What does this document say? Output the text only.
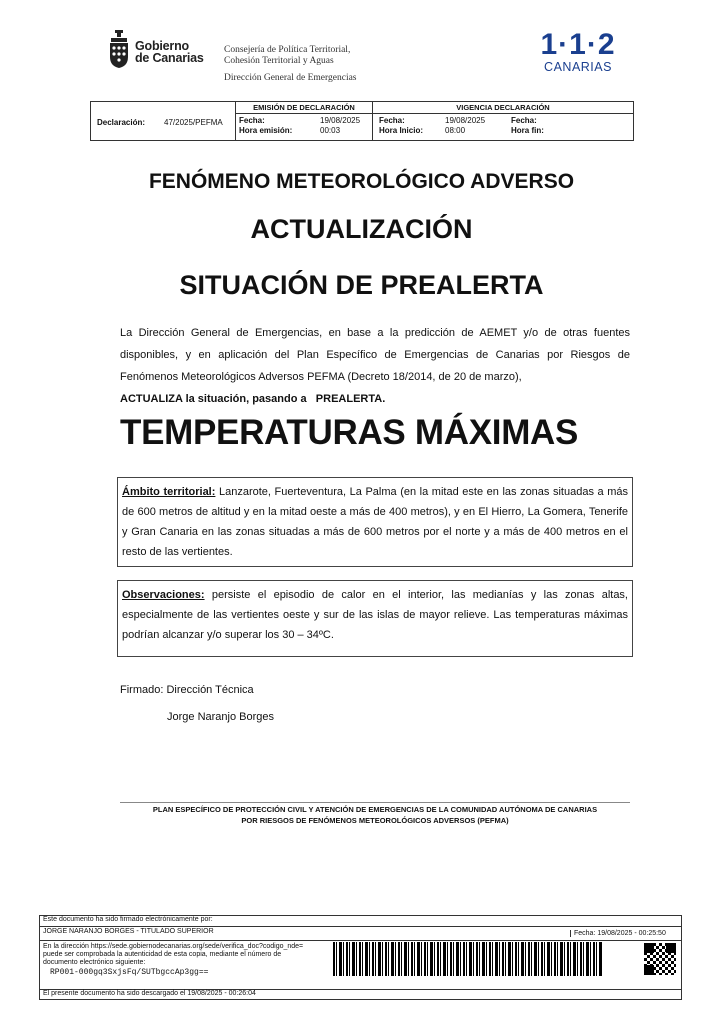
Gobierno
de Canarias
Consejería de Política Territorial,
Cohesión Territorial y Aguas
Dirección General de Emergencias
1·1·2
CANARIAS
Declaración: 47/2025/PEFMA
EMISIÓN DE DECLARACIÓN
Fecha:	19/08/2025
Hora emisión:	00:03
VIGENCIA DECLARACIÓN
Fecha:	19/08/2025
Hora Inicio:	08:00
Fecha:
Hora fin:
FENÓMENO METEOROLÓGICO ADVERSO
ACTUALIZACIÓN
SITUACIÓN DE PREALERTA
La Dirección General de Emergencias, en base a la predicción de AEMET y/o de otras fuentes disponibles, y en aplicación del Plan Específico de Emergencias de Canarias por Riesgos de Fenómenos Meteorológicos Adversos PEFMA (Decreto 18/2014, de 20 de marzo),
ACTUALIZA la situación, pasando a PREALERTA.
TEMPERATURAS MÁXIMAS
Ámbito territorial: Lanzarote, Fuerteventura, La Palma (en la mitad este en las zonas situadas a más de 600 metros de altitud y en la mitad oeste a más de 400 metros), y en El Hierro, La Gomera, Tenerife y Gran Canaria en las zonas situadas a más de 600 metros por el norte y a más de 400 metros en el resto de las vertientes.
Observaciones: persiste el episodio de calor en el interior, las medianías y las zonas altas, especialmente de las vertientes oeste y sur de las islas de mayor relieve. Las temperaturas máximas podrían alcanzar y/o superar los 30 – 34ºC.
Firmado: Dirección Técnica
Jorge Naranjo Borges
PLAN ESPECÍFICO DE PROTECCIÓN CIVIL Y ATENCIÓN DE EMERGENCIAS DE LA COMUNIDAD AUTÓNOMA DE CANARIAS
POR RIESGOS DE FENÓMENOS METEOROLÓGICOS ADVERSOS (PEFMA)
Este documento ha sido firmado electrónicamente por:
JORGE NARANJO BORGES - TITULADO SUPERIOR	Fecha: 19/08/2025 - 00:25:50
En la dirección https://sede.gobiernodecanarias.org/sede/verifica_doc?codigo_nde=
puede ser comprobada la autenticidad de esta copia, mediante el número de
documento electrónico siguiente:
RP001-000gq3SxjsFq/SUTbgccAp3gg==
El presente documento ha sido descargado el 19/08/2025 - 00:26:04
